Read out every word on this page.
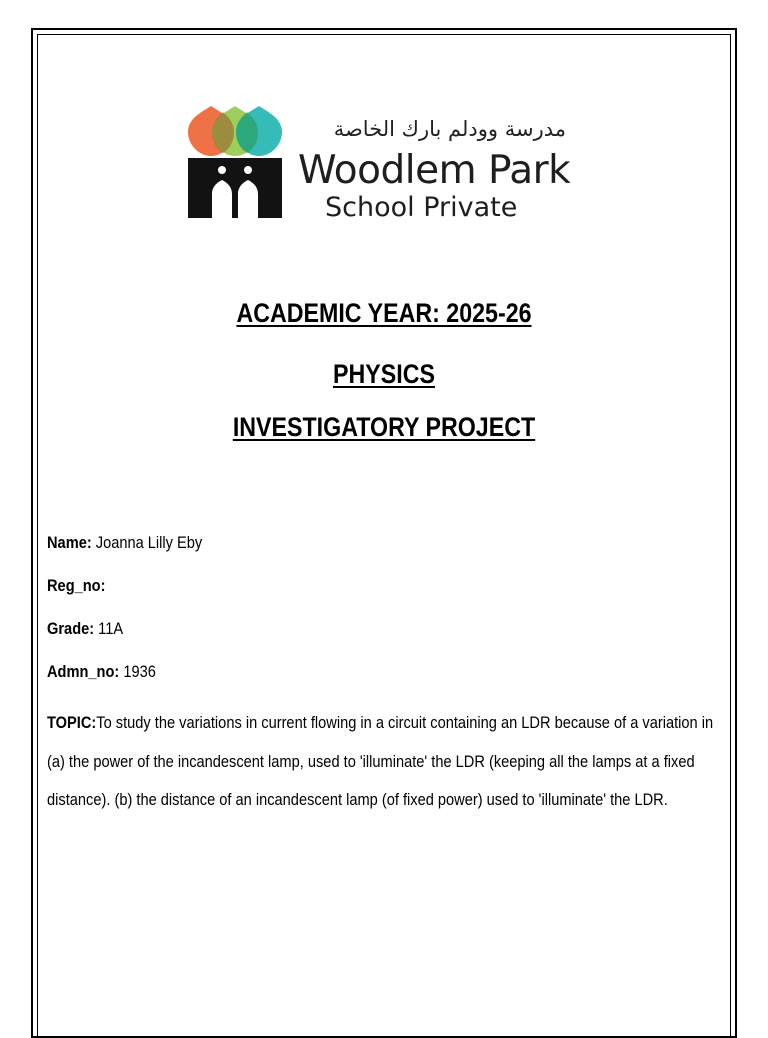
مدرسة وودلم بارك الخاصة
Woodlem Park
School Private
ACADEMIC YEAR: 2025-26
PHYSICS
INVESTIGATORY PROJECT
Name: Joanna Lilly Eby
Reg_no:
Grade: 11A
Admn_no: 1936
TOPIC:To study the variations in current flowing in a circuit containing an LDR because of a variation in (a) the power of the incandescent lamp, used to 'illuminate' the LDR (keeping all the lamps at a fixed distance). (b) the distance of an incandescent lamp (of fixed power) used to 'illuminate' the LDR.
